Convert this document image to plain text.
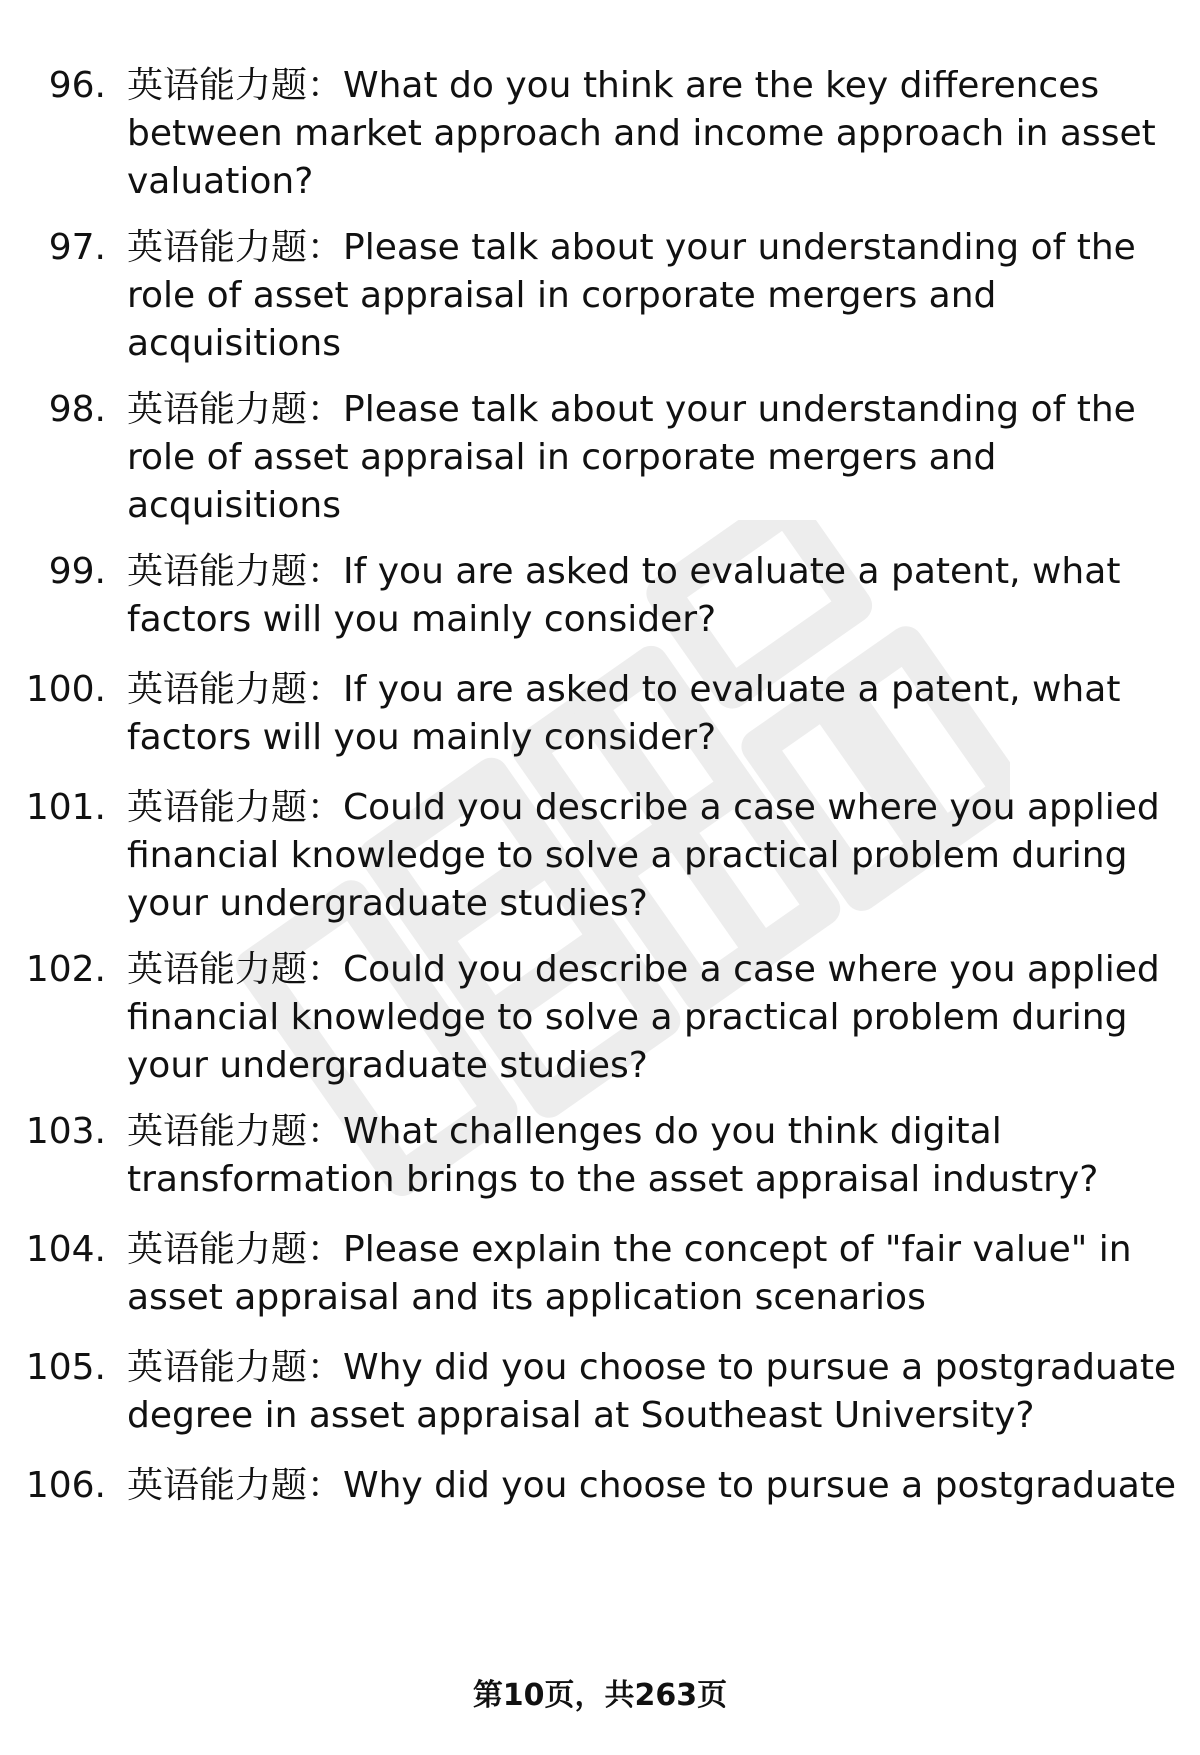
96. 英语能力题：What do you think are the key differences
between market approach and income approach in asset
valuation?
97. 英语能力题：Please talk about your understanding of the
role of asset appraisal in corporate mergers and
acquisitions
98. 英语能力题：Please talk about your understanding of the
role of asset appraisal in corporate mergers and
acquisitions
99. 英语能力题：If you are asked to evaluate a patent, what
factors will you mainly consider?
100. 英语能力题：If you are asked to evaluate a patent, what
factors will you mainly consider?
101. 英语能力题：Could you describe a case where you applied
financial knowledge to solve a practical problem during
your undergraduate studies?
102. 英语能力题：Could you describe a case where you applied
financial knowledge to solve a practical problem during
your undergraduate studies?
103. 英语能力题：What challenges do you think digital
transformation brings to the asset appraisal industry?
104. 英语能力题：Please explain the concept of "fair value" in
asset appraisal and its application scenarios
105. 英语能力题：Why did you choose to pursue a postgraduate
degree in asset appraisal at Southeast University?
106. 英语能力题：Why did you choose to pursue a postgraduate
第10页，共263页
